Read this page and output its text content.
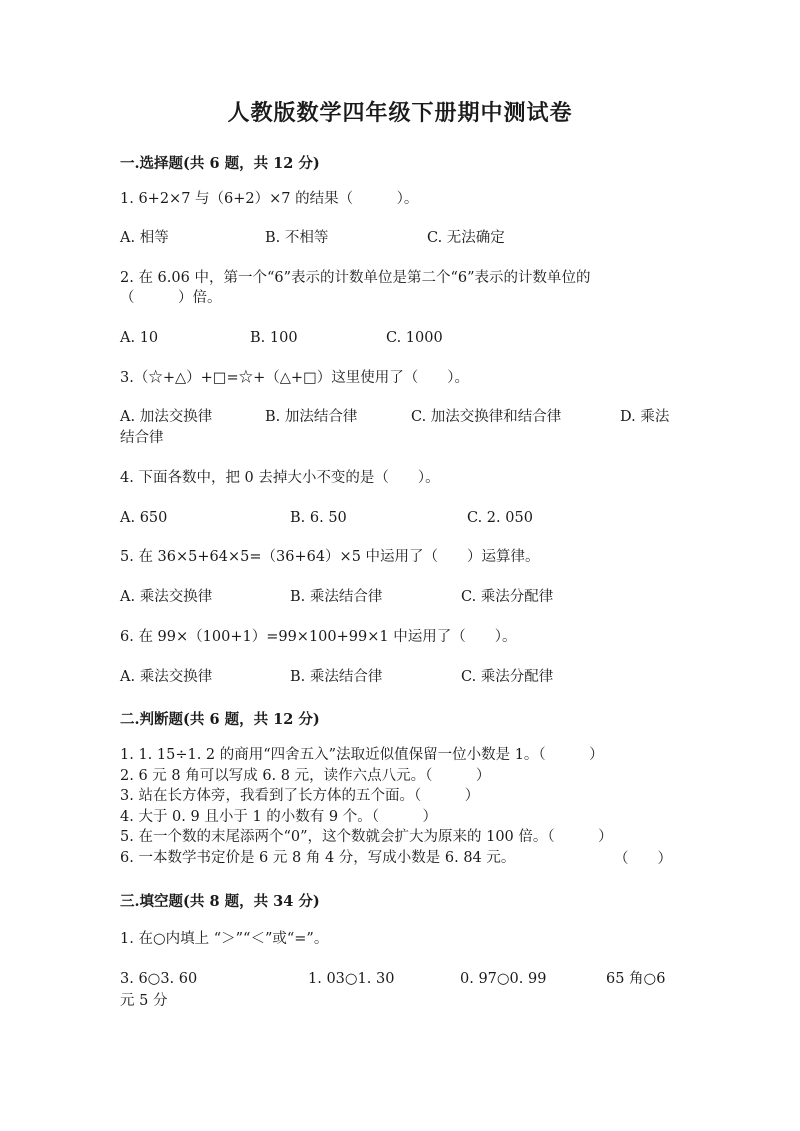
人教版数学四年级下册期中测试卷
一.选择题(共 6 题，共 12 分)
1. 6+2×7 与（6+2）×7 的结果（　　　）。
A. 相等	B. 不相等	C. 无法确定
2. 在 6.06 中，第一个“6”表示的计数单位是第二个“6”表示的计数单位的
（　　　）倍。
A. 10	B. 100	C. 1000
3.（☆+△）+□=☆+（△+□）这里使用了（　　）。
A. 加法交换律	B. 加法结合律	C. 加法交换律和结合律	D. 乘法
结合律
4. 下面各数中，把 0 去掉大小不变的是（　　）。
A. 650	B. 6. 50	C. 2. 050
5. 在 36×5+64×5=（36+64）×5 中运用了（　　）运算律。
A. 乘法交换律	B. 乘法结合律	C. 乘法分配律
6. 在 99×（100+1）=99×100+99×1 中运用了（　　）。
A. 乘法交换律	B. 乘法结合律	C. 乘法分配律
二.判断题(共 6 题，共 12 分)
1. 1. 15÷1. 2 的商用“四舍五入”法取近似值保留一位小数是 1。（　　　）
2. 6 元 8 角可以写成 6. 8 元，读作六点八元。（　　　）
3. 站在长方体旁，我看到了长方体的五个面。（　　　）
4. 大于 0. 9 且小于 1 的小数有 9 个。（　　　）
5. 在一个数的末尾添两个“0”，这个数就会扩大为原来的 100 倍。（　　　）
6. 一本数学书定价是 6 元 8 角 4 分，写成小数是 6. 84 元。	（　　）
三.填空题(共 8 题，共 34 分)
1. 在○内填上 “＞”“＜”或“=”。
3. 6○3. 60	1. 03○1. 30	0. 97○0. 99	65 角○6
元 5 分
